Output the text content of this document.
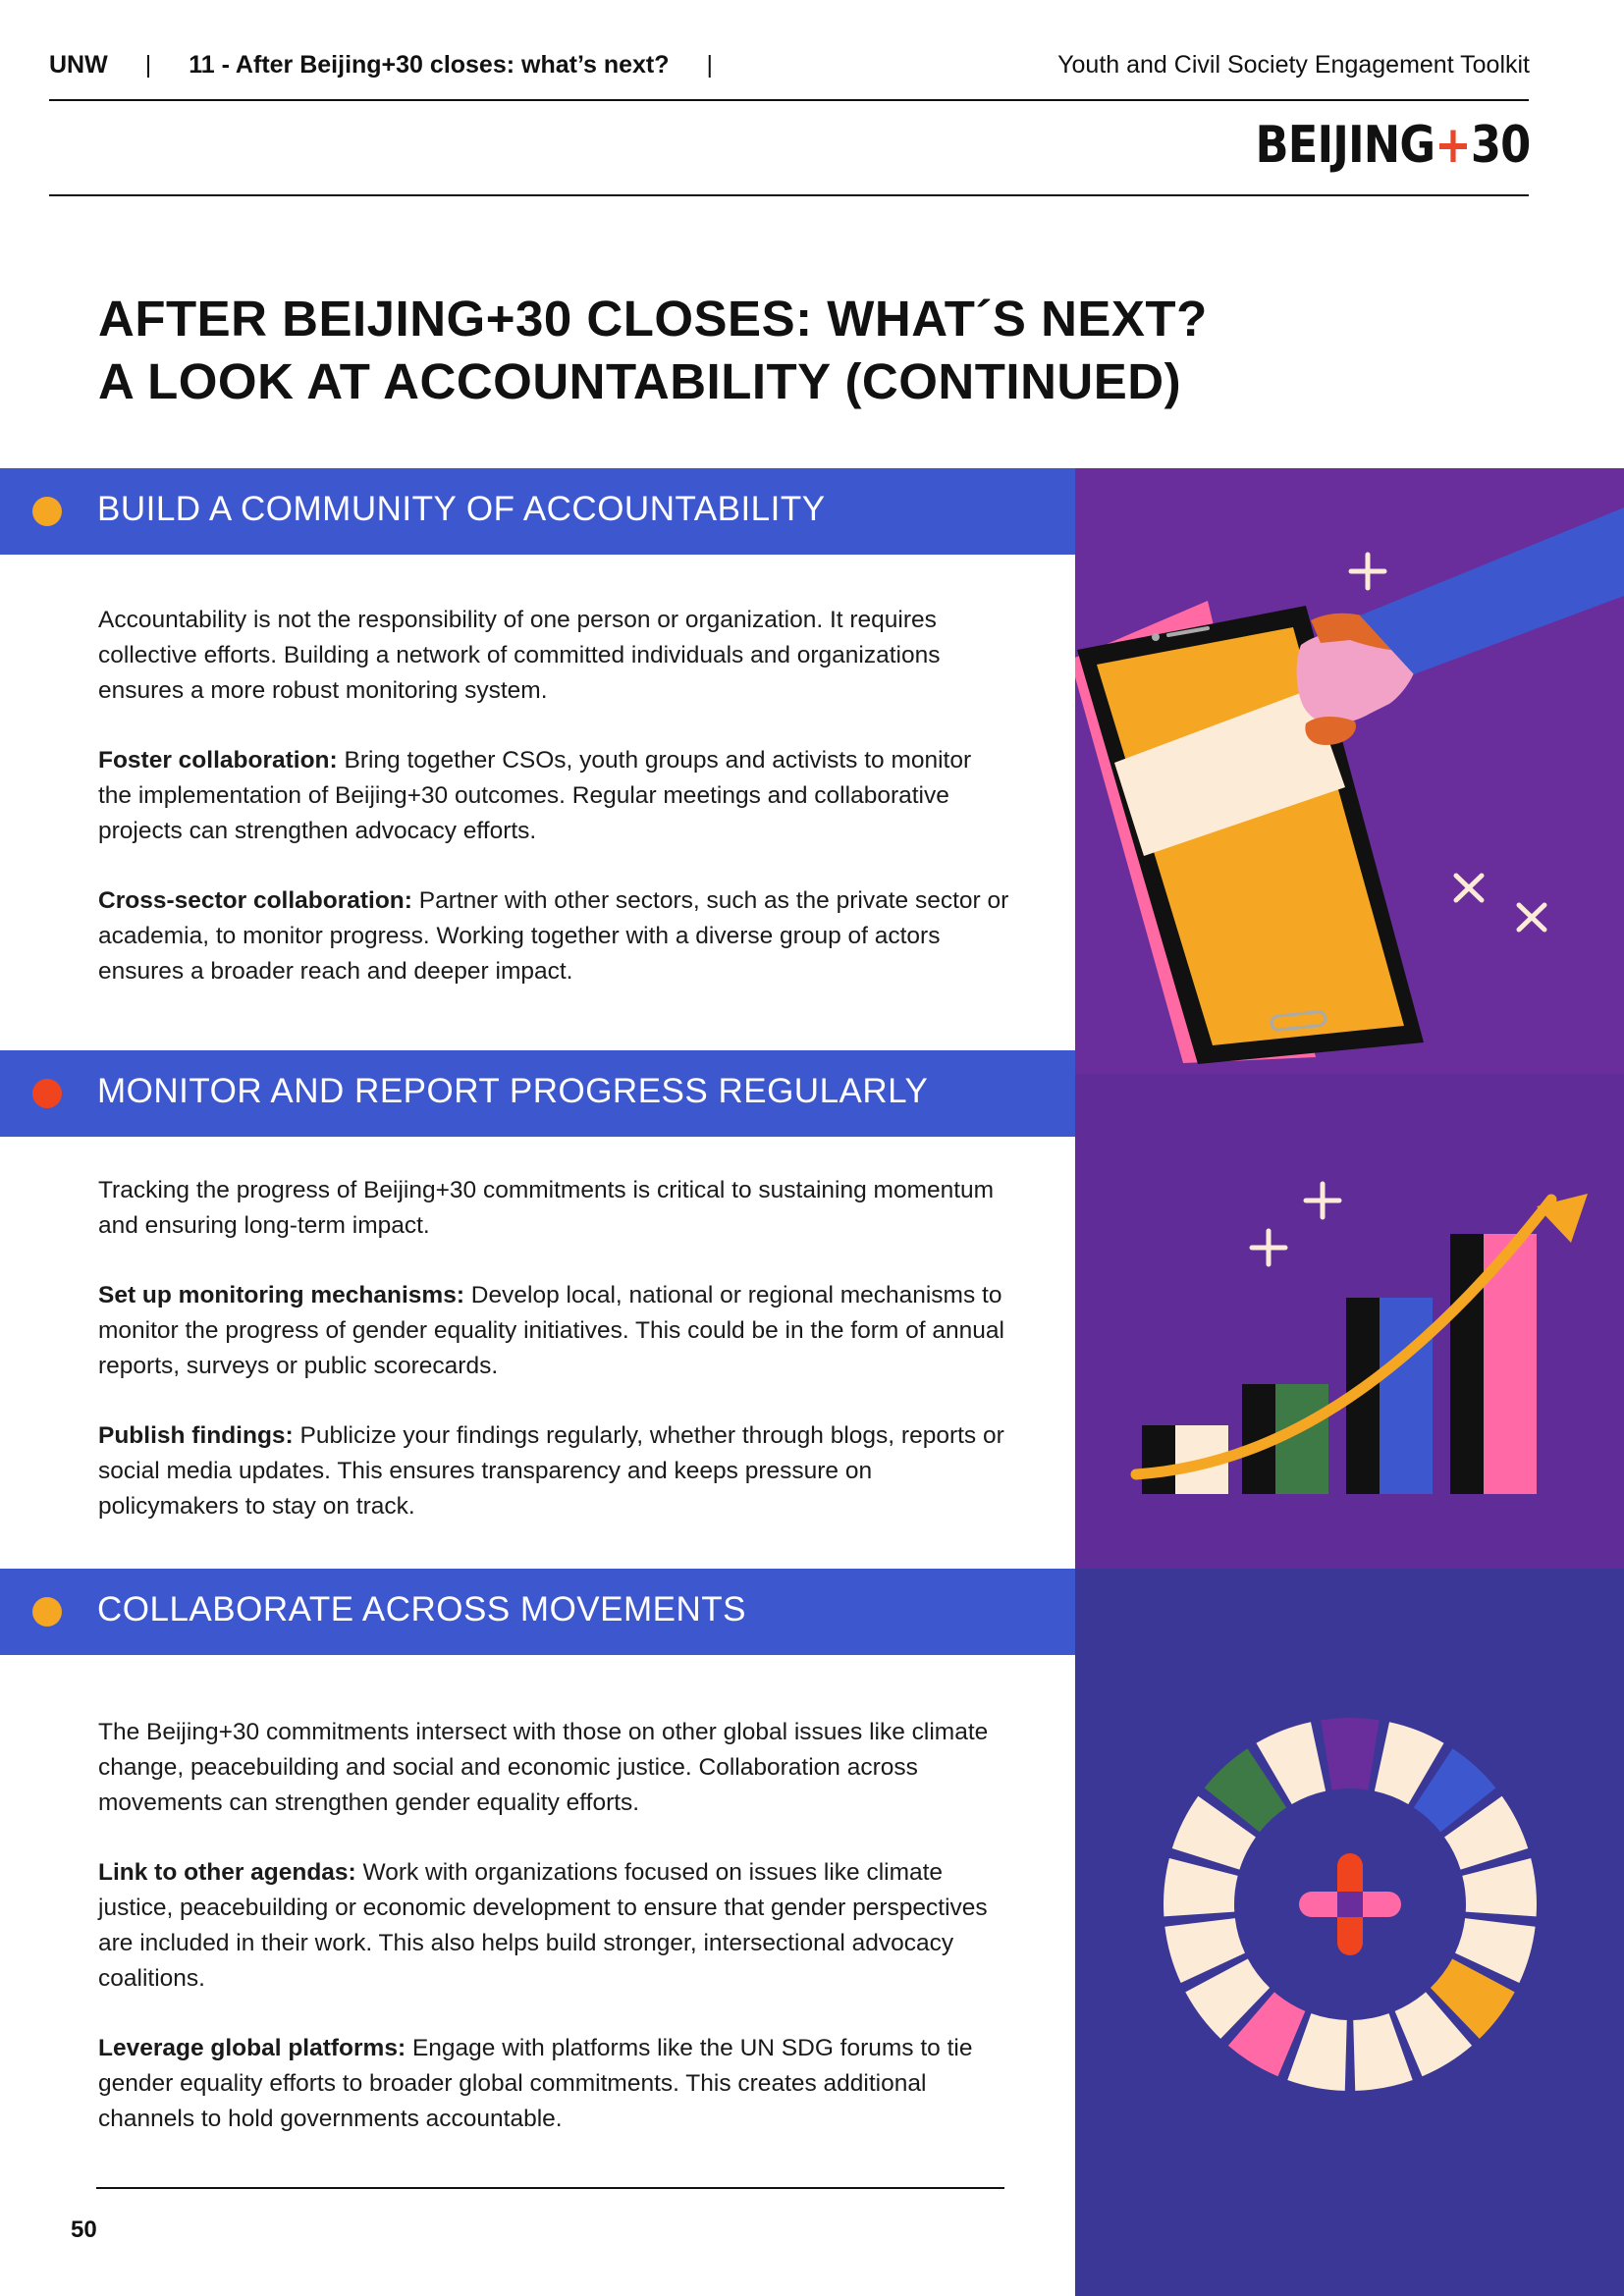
UNW | 11 - After Beijing+30 closes: what’s next? |	Youth and Civil Society Engagement Toolkit
BEIJING+30
AFTER BEIJING+30 CLOSES: WHAT´S NEXT?
A LOOK AT ACCOUNTABILITY (CONTINUED)
BUILD A COMMUNITY OF ACCOUNTABILITY

Accountability is not the responsibility of one person or organization. It requires collective efforts. Building a network of committed individuals and organizations ensures a more robust monitoring system.

Foster collaboration: Bring together CSOs, youth groups and activists to monitor the implementation of Beijing+30 outcomes. Regular meetings and collaborative projects can strengthen advocacy efforts.

Cross-sector collaboration: Partner with other sectors, such as the private sector or academia, to monitor progress. Working together with a diverse group of actors ensures a broader reach and deeper impact.

MONITOR AND REPORT PROGRESS REGULARLY

Tracking the progress of Beijing+30 commitments is critical to sustaining momentum and ensuring long-term impact.

Set up monitoring mechanisms: Develop local, national or regional mechanisms to monitor the progress of gender equality initiatives. This could be in the form of annual reports, surveys or public scorecards.

Publish findings: Publicize your findings regularly, whether through blogs, reports or social media updates. This ensures transparency and keeps pressure on policymakers to stay on track.

COLLABORATE ACROSS MOVEMENTS

The Beijing+30 commitments intersect with those on other global issues like climate change, peacebuilding and social and economic justice. Collaboration across movements can strengthen gender equality efforts.

Link to other agendas: Work with organizations focused on issues like climate justice, peacebuilding or economic development to ensure that gender perspectives are included in their work. This also helps build stronger, intersectional advocacy coalitions.

Leverage global platforms: Engage with platforms like the UN SDG forums to tie gender equality efforts to broader global commitments. This creates additional channels to hold governments accountable.

50
